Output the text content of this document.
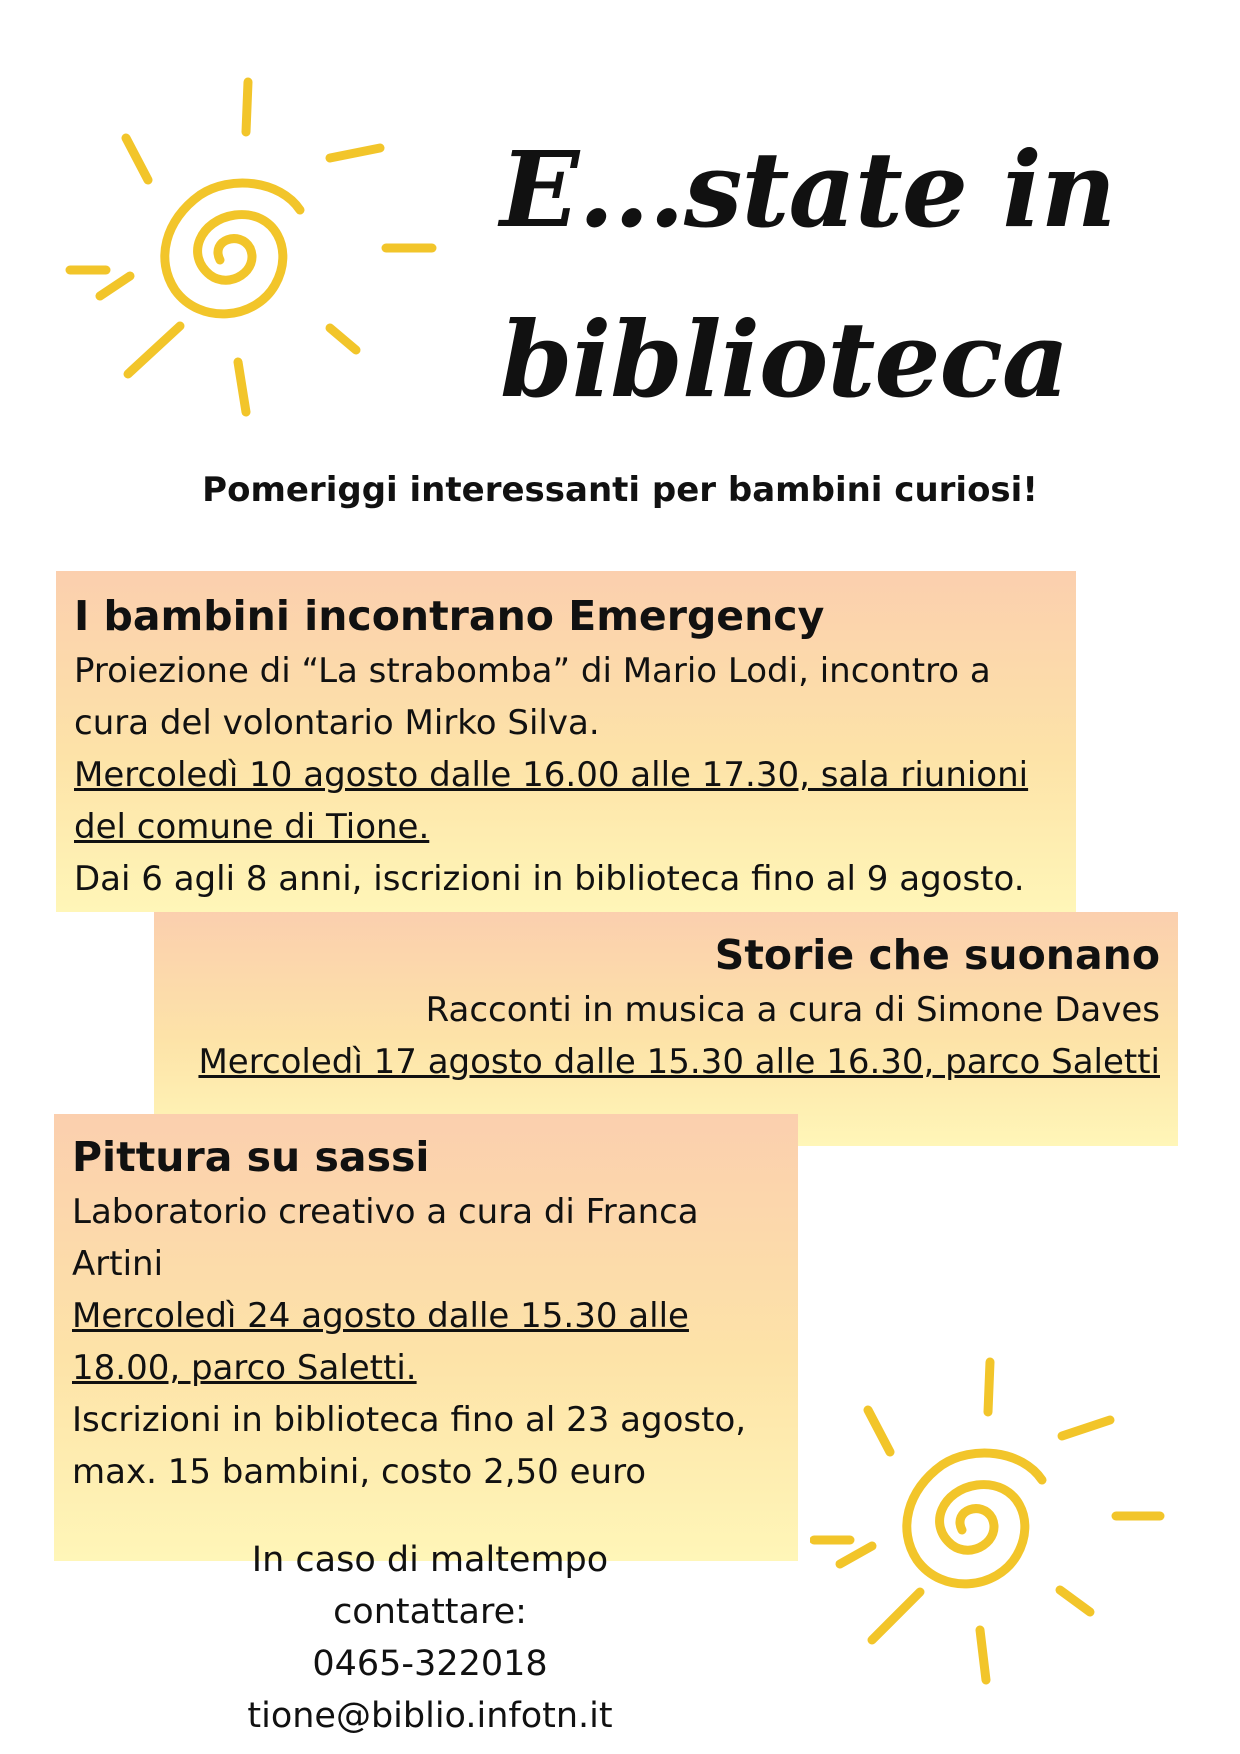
E...state in
biblioteca
Pomeriggi interessanti per bambini curiosi!
I bambini incontrano Emergency

Proiezione di “La strabomba” di Mario Lodi, incontro a cura del volontario Mirko Silva.

Mercoledì 10 agosto dalle 16.00 alle 17.30, sala riunioni del comune di Tione.

Dai 6 agli 8 anni, iscrizioni in biblioteca fino al 9 agosto.

Storie che suonano

Racconti in musica a cura di Simone Daves

Mercoledì 17 agosto dalle 15.30 alle 16.30, parco Saletti

Pittura su sassi

Laboratorio creativo a cura di Franca Artini

Mercoledì 24 agosto dalle 15.30 alle 18.00, parco Saletti.

Iscrizioni in biblioteca fino al 23 agosto, max. 15 bambini, costo 2,50 euro

In caso di maltempo contattare:
0465-322018
tione@biblio.infotn.it
